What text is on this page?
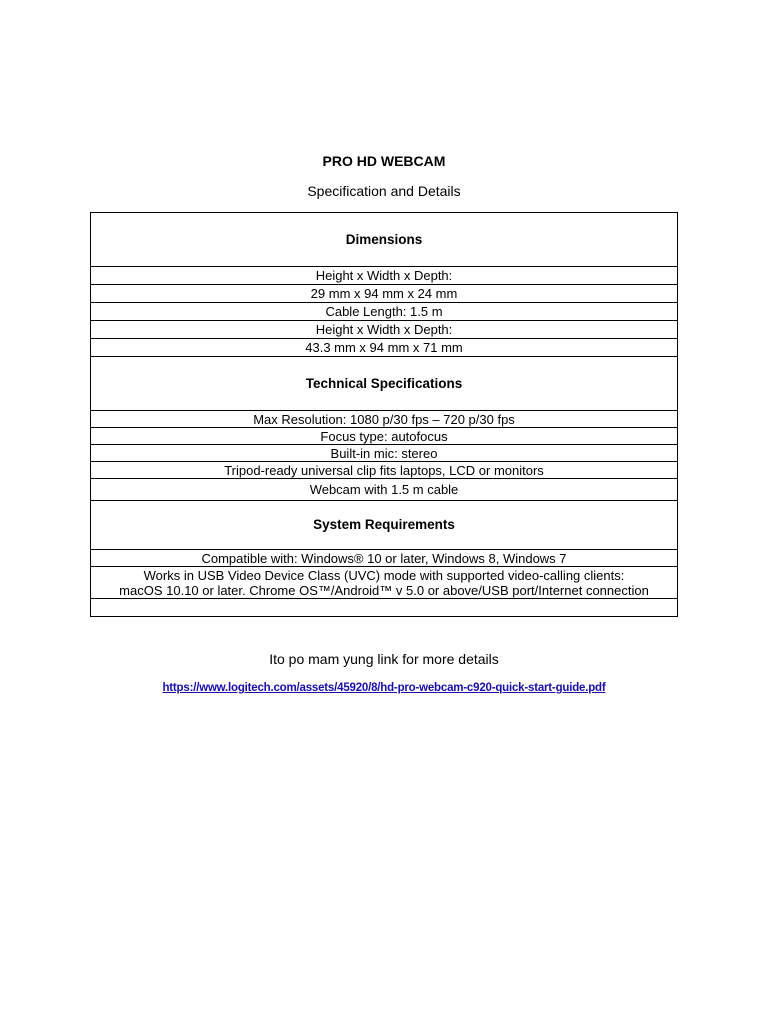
PRO HD WEBCAM
Specification and Details
Dimensions
Height x Width x Depth:
29 mm x 94 mm x 24 mm
Cable Length: 1.5 m
Height x Width x Depth:
43.3 mm x 94 mm x 71 mm
Technical Specifications
Max Resolution: 1080 p/30 fps – 720 p/30 fps
Focus type: autofocus
Built-in mic: stereo
Tripod-ready universal clip fits laptops, LCD or monitors
Webcam with 1.5 m cable
System Requirements
Compatible with: Windows® 10 or later, Windows 8, Windows 7

Works in USB Video Device Class (UVC) mode with supported video-calling clients:
macOS 10.10 or later. Chrome OS™/Android™ v 5.0 or above/USB port/Internet connection

Ito po mam yung link for more details
https://www.logitech.com/assets/45920/8/hd-pro-webcam-c920-quick-start-guide.pdf
